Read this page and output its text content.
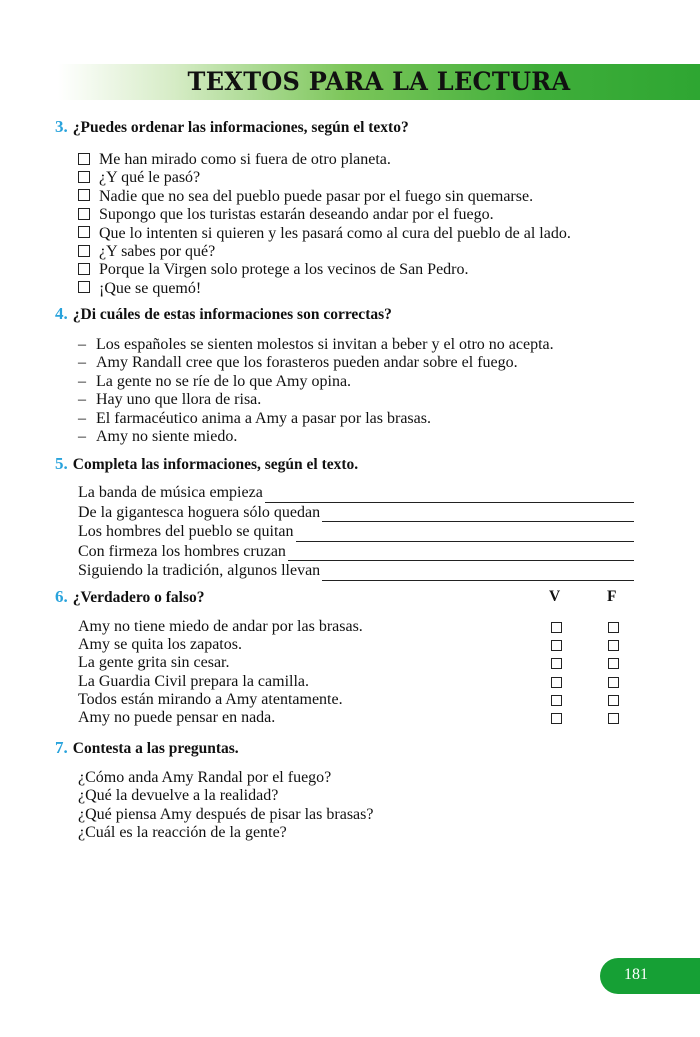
TEXTOS PARA LA LECTURA
3. ¿Puedes ordenar las informaciones, según el texto?
Me han mirado como si fuera de otro planeta.
¿Y qué le pasó?
Nadie que no sea del pueblo puede pasar por el fuego sin quemarse.
Supongo que los turistas estarán deseando andar por el fuego.
Que lo intenten si quieren y les pasará como al cura del pueblo de al lado.
¿Y sabes por qué?
Porque la Virgen solo protege a los vecinos de San Pedro.
¡Que se quemó!
4. ¿Di cuáles de estas informaciones son correctas?
– Los españoles se sienten molestos si invitan a beber y el otro no acepta.
– Amy Randall cree que los forasteros pueden andar sobre el fuego.
– La gente no se ríe de lo que Amy opina.
– Hay uno que llora de risa.
– El farmacéutico anima a Amy a pasar por las brasas.
– Amy no siente miedo.
5. Completa las informaciones, según el texto.
La banda de música empieza
De la gigantesca hoguera sólo quedan
Los hombres del pueblo se quitan
Con firmeza los hombres cruzan
Siguiendo la tradición, algunos llevan
6. ¿Verdadero o falso?	V	F
Amy no tiene miedo de andar por las brasas.
Amy se quita los zapatos.
La gente grita sin cesar.
La Guardia Civil prepara la camilla.
Todos están mirando a Amy atentamente.
Amy no puede pensar en nada.
7. Contesta a las preguntas.
¿Cómo anda Amy Randal por el fuego?
¿Qué la devuelve a la realidad?
¿Qué piensa Amy después de pisar las brasas?
¿Cuál es la reacción de la gente?
181
